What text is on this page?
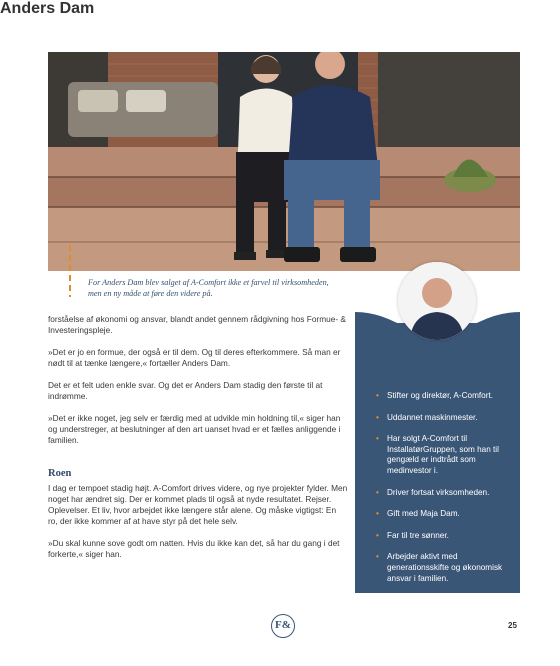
For Anders Dam blev salget af A-Comfort ikke et farvel til virksomheden, men en ny måde at føre den videre på.

forståelse af økonomi og ansvar, blandt andet gennem rådgivning hos Formue- & Investeringspleje.

»Det er jo en formue, der også er til dem. Og til deres efterkommere. Så man er nødt til at tænke længere,« fortæller Anders Dam.

Det er et felt uden enkle svar. Og det er Anders Dam stadig den første til at indrømme.

»Det er ikke noget, jeg selv er færdig med at udvikle min holdning til,« siger han og understreger, at beslutninger af den art uanset hvad er et fælles anliggende i familien.

Roen

I dag er tempoet stadig højt. A-Comfort drives videre, og nye projekter fylder. Men noget har ændret sig. Der er kommet plads til også at nyde resultatet. Rejser. Oplevelser. Et liv, hvor arbejdet ikke længere står alene. Og måske vigtigst: En ro, der ikke kommer af at have styr på det hele selv.

»Du skal kunne sove godt om natten. Hvis du ikke kan det, så har du gang i det forkerte,« siger han.

Anders Dam
• Stifter og direktør, A-Comfort.
• Uddannet maskinmester.
• Har solgt A-Comfort til InstallatørGruppen, som han til gengæld er indtrådt som medinvestor i.
• Driver fortsat virksomheden.
• Gift med Maja Dam.
• Far til tre sønner.
• Arbejder aktivt med generationsskifte og økonomisk ansvar i familien.
F&	25
